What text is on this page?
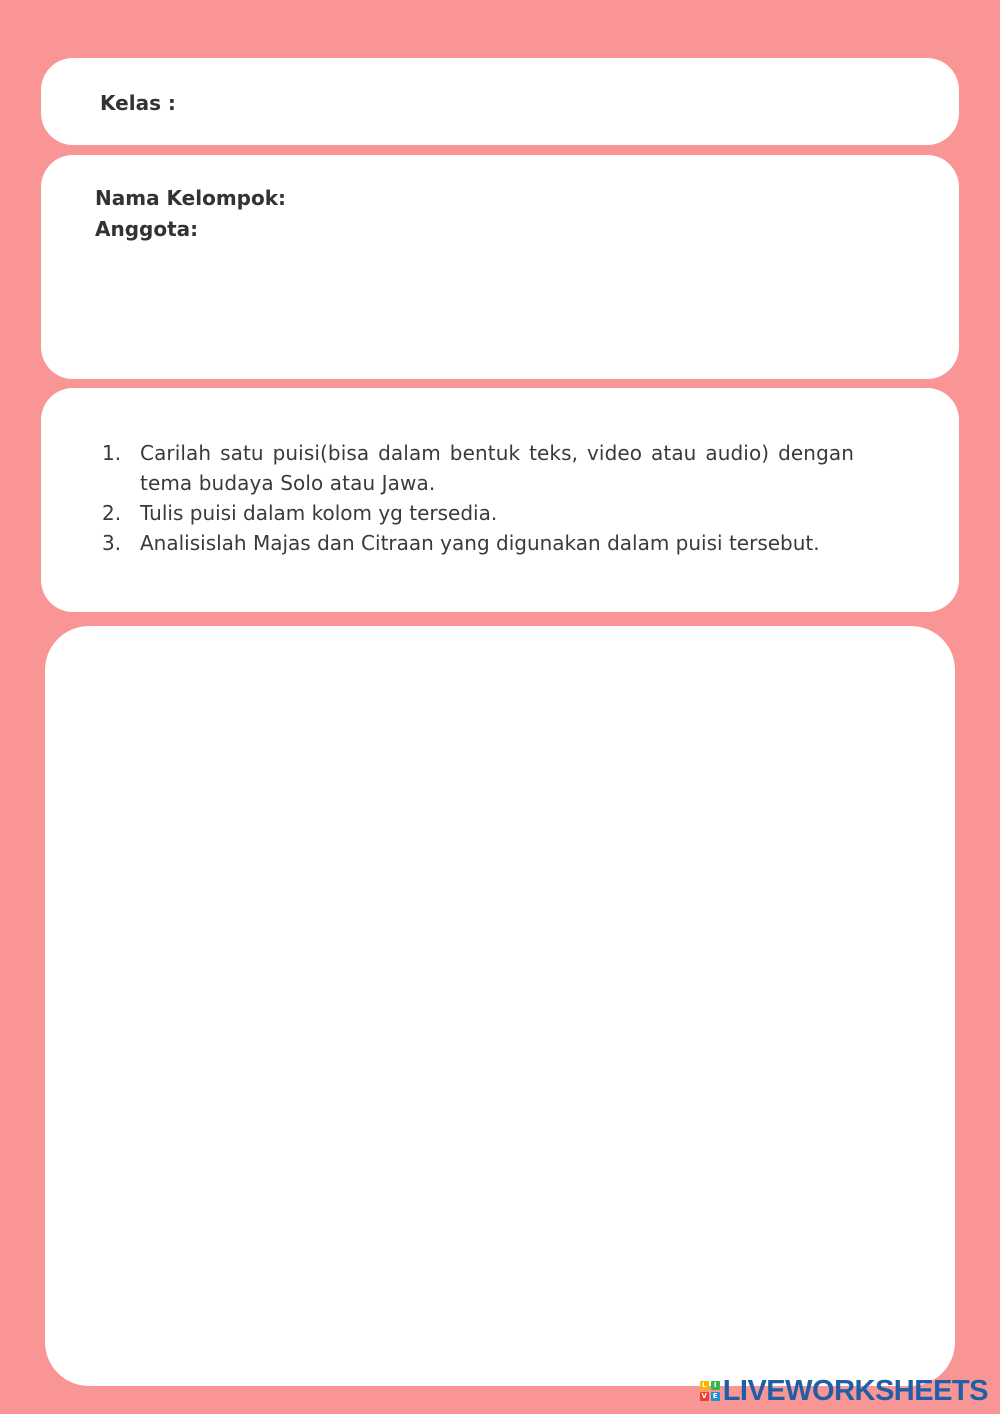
Kelas :
Nama Kelompok:
Anggota:
1. Carilah satu puisi(bisa dalam bentuk teks, video atau audio) dengan tema budaya Solo atau Jawa.
2. Tulis puisi dalam kolom yg tersedia.
3. Analisislah Majas dan Citraan yang digunakan dalam puisi tersebut.
L	I
V E LIVEWORKSHEETS
